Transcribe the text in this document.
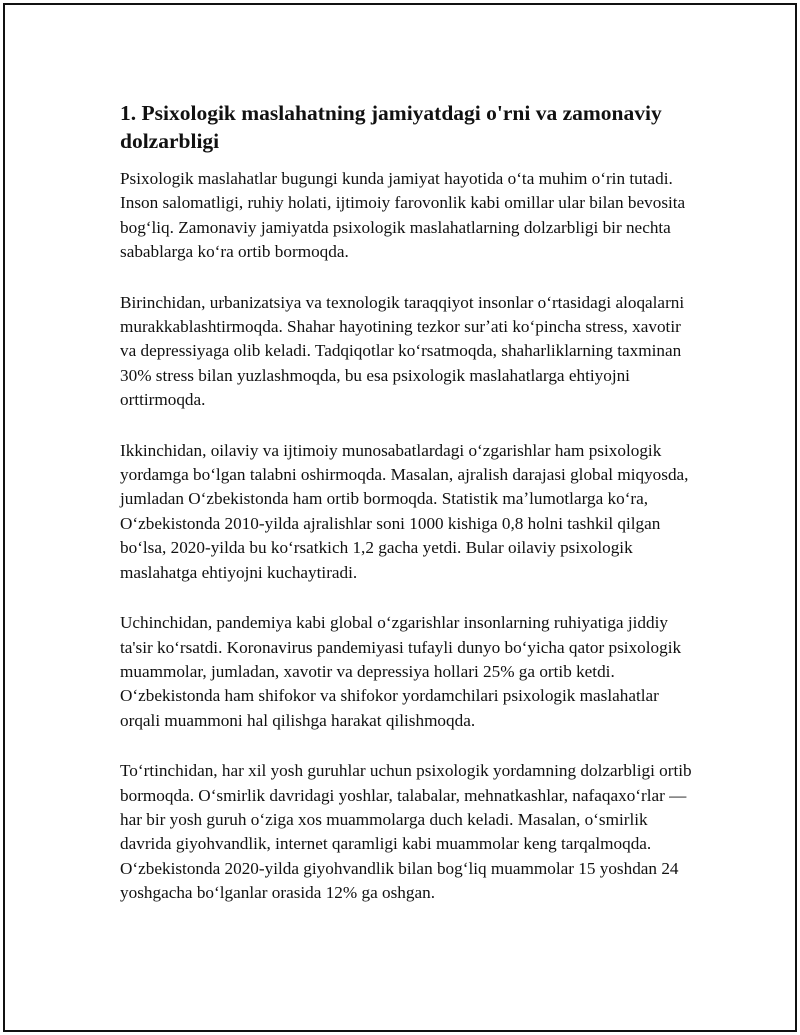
1. Psixologik maslahatning jamiyatdagi o'rni va zamonaviy dolzarbligi

Psixologik maslahatlar bugungi kunda jamiyat hayotida oʻta muhim oʻrin tutadi. Inson salomatligi, ruhiy holati, ijtimoiy farovonlik kabi omillar ular bilan bevosita bogʻliq. Zamonaviy jamiyatda psixologik maslahatlarning dolzarbligi bir nechta sabablarga koʻra ortib bormoqda.

Birinchidan, urbanizatsiya va texnologik taraqqiyot insonlar oʻrtasidagi aloqalarni murakkablashtirmoqda. Shahar hayotining tezkor surʼati koʻpincha stress, xavotir va depressiyaga olib keladi. Tadqiqotlar koʻrsatmoqda, shaharliklarning taxminan 30% stress bilan yuzlashmoqda, bu esa psixologik maslahatlarga ehtiyojni orttirmoqda.

Ikkinchidan, oilaviy va ijtimoiy munosabatlardagi oʻzgarishlar ham psixologik yordamga boʻlgan talabni oshirmoqda. Masalan, ajralish darajasi global miqyosda, jumladan Oʻzbekistonda ham ortib bormoqda. Statistik maʼlumotlarga koʻra, Oʻzbekistonda 2010-yilda ajralishlar soni 1000 kishiga 0,8 holni tashkil qilgan boʻlsa, 2020-yilda bu koʻrsatkich 1,2 gacha yetdi. Bular oilaviy psixologik maslahatga ehtiyojni kuchaytiradi.

Uchinchidan, pandemiya kabi global oʻzgarishlar insonlarning ruhiyatiga jiddiy ta'sir koʻrsatdi. Koronavirus pandemiyasi tufayli dunyo boʻyicha qator psixologik muammolar, jumladan, xavotir va depressiya hollari 25% ga ortib ketdi. Oʻzbekistonda ham shifokor va shifokor yordamchilari psixologik maslahatlar orqali muammoni hal qilishga harakat qilishmoqda.

Toʻrtinchidan, har xil yosh guruhlar uchun psixologik yordamning dolzarbligi ortib bormoqda. Oʻsmirlik davridagi yoshlar, talabalar, mehnatkashlar, nafaqaxoʻrlar — har bir yosh guruh oʻziga xos muammolarga duch keladi. Masalan, oʻsmirlik davrida giyohvandlik, internet qaramligi kabi muammolar keng tarqalmoqda. Oʻzbekistonda 2020-yilda giyohvandlik bilan bogʻliq muammolar 15 yoshdan 24 yoshgacha boʻlganlar orasida 12% ga oshgan.
